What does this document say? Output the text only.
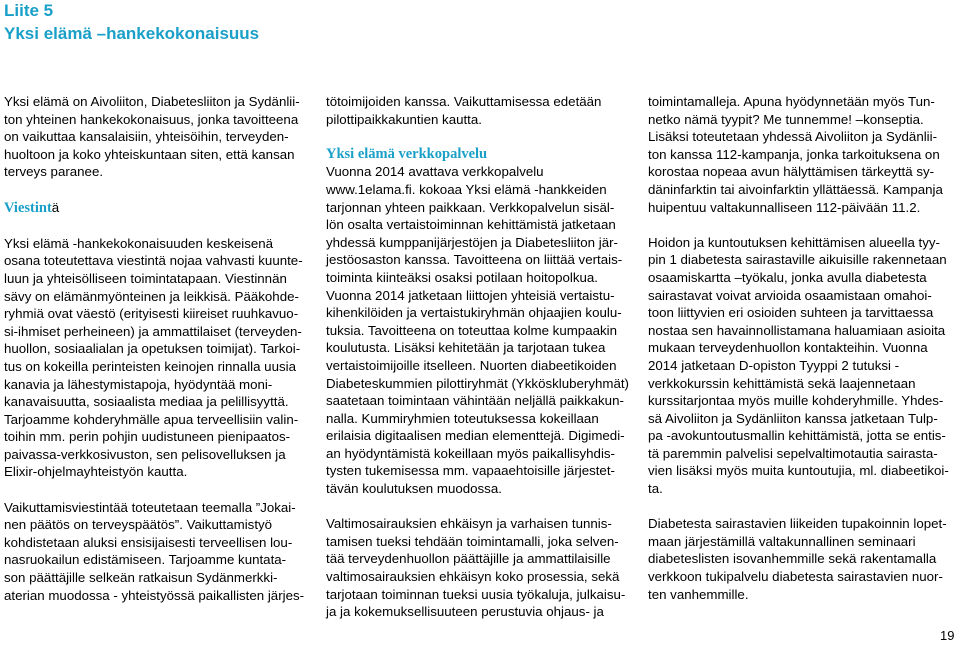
Liite 5
Yksi elämä –hankekokonaisuus

Yksi elämä on Aivoliiton, Diabetesliiton ja Sydänlii-

ton yhteinen hankekokonaisuus, jonka tavoitteena

on vaikuttaa kansalaisiin, yhteisöihin, terveyden-

huoltoon ja koko yhteiskuntaan siten, että kansan

terveys paranee.

Viestintä

Yksi elämä -hankekokonaisuuden keskeisenä

osana toteutettava viestintä nojaa vahvasti kuunte-

luun ja yhteisölliseen toimintatapaan. Viestinnän

sävy on elämänmyönteinen ja leikkisä. Pääkohde-

ryhmiä ovat väestö (erityisesti kiireiset ruuhkavuo-

si-ihmiset perheineen) ja ammattilaiset (terveyden-

huollon, sosiaalialan ja opetuksen toimijat). Tarkoi-

tus on kokeilla perinteisten keinojen rinnalla uusia

kanavia ja lähestymistapoja, hyödyntää moni-

kanavaisuutta, sosiaalista mediaa ja pelillisyyttä.

Tarjoamme kohderyhmälle apua terveellisiin valin-

toihin mm. perin pohjin uudistuneen pienipaatos-

paivassa-verkkosivuston, sen pelisovelluksen ja

Elixir-ohjelmayhteistyön kautta.

Vaikuttamisviestintää toteutetaan teemalla ”Jokai-

nen päätös on terveyspäätös”. Vaikuttamistyö

kohdistetaan aluksi ensisijaisesti terveellisen lou-

nasruokailun edistämiseen. Tarjoamme kuntata-

son päättäjille selkeän ratkaisun Sydänmerkki-

aterian muodossa - yhteistyössä paikallisten järjes-

tötoimijoiden kanssa. Vaikuttamisessa edetään

pilottipaikkakuntien kautta.

Yksi elämä verkkopalvelu

Vuonna 2014 avattava verkkopalvelu

www.1elama.fi. kokoaa Yksi elämä -hankkeiden

tarjonnan yhteen paikkaan. Verkkopalvelun sisäl-

lön osalta vertaistoiminnan kehittämistä jatketaan

yhdessä kumppanijärjestöjen ja Diabetesliiton jär-

jestöosaston kanssa. Tavoitteena on liittää vertais-

toiminta kiinteäksi osaksi potilaan hoitopolkua.

Vuonna 2014 jatketaan liittojen yhteisiä vertaistu-

kihenkilöiden ja vertaistukiryhmän ohjaajien koulu-

tuksia. Tavoitteena on toteuttaa kolme kumpaakin

koulutusta. Lisäksi kehitetään ja tarjotaan tukea

vertaistoimijoille itselleen. Nuorten diabeetikoiden

Diabeteskummien pilottiryhmät (Ykköskluberyhmät)

saatetaan toimintaan vähintään neljällä paikkakun-

nalla. Kummiryhmien toteutuksessa kokeillaan

erilaisia digitaalisen median elementtejä. Digimedi-

an hyödyntämistä kokeillaan myös paikallisyhdis-

tysten tukemisessa mm. vapaaehtoisille järjestet-

tävän koulutuksen muodossa.

Valtimosairauksien ehkäisyn ja varhaisen tunnis-

tamisen tueksi tehdään toimintamalli, joka selven-

tää terveydenhuollon päättäjille ja ammattilaisille

valtimosairauksien ehkäisyn koko prosessia, sekä

tarjotaan toiminnan tueksi uusia työkaluja, julkaisu-

ja ja kokemuksellisuuteen perustuvia ohjaus- ja

toimintamalleja. Apuna hyödynnetään myös Tun-

netko nämä tyypit? Me tunnemme! –konseptia.

Lisäksi toteutetaan yhdessä Aivoliiton ja Sydänlii-

ton kanssa 112-kampanja, jonka tarkoituksena on

korostaa nopeaa avun hälyttämisen tärkeyttä sy-

däninfarktin tai aivoinfarktin yllättäessä. Kampanja

huipentuu valtakunnalliseen 112-päivään 11.2.

Hoidon ja kuntoutuksen kehittämisen alueella tyy-

pin 1 diabetesta sairastaville aikuisille rakennetaan

osaamiskartta –työkalu, jonka avulla diabetesta

sairastavat voivat arvioida osaamistaan omahoi-

toon liittyvien eri osioiden suhteen ja tarvittaessa

nostaa sen havainnollistamana haluamiaan asioita

mukaan terveydenhuollon kontakteihin. Vuonna

2014 jatketaan D-opiston Tyyppi 2 tutuksi -

verkkokurssin kehittämistä sekä laajennetaan

kurssitarjontaa myös muille kohderyhmille. Yhdes-

sä Aivoliiton ja Sydänliiton kanssa jatketaan Tulp-

pa -avokuntoutusmallin kehittämistä, jotta se entis-

tä paremmin palvelisi sepelvaltimotautia sairasta-

vien lisäksi myös muita kuntoutujia, ml. diabeetikoi-

ta.

Diabetesta sairastavien liikeiden tupakoinnin lopet-

maan järjestämillä valtakunnallinen seminaari

diabeteslisten isovanhemmille sekä rakentamalla

verkkoon tukipalvelu diabetesta sairastavien nuor-

ten vanhemmille.

19
